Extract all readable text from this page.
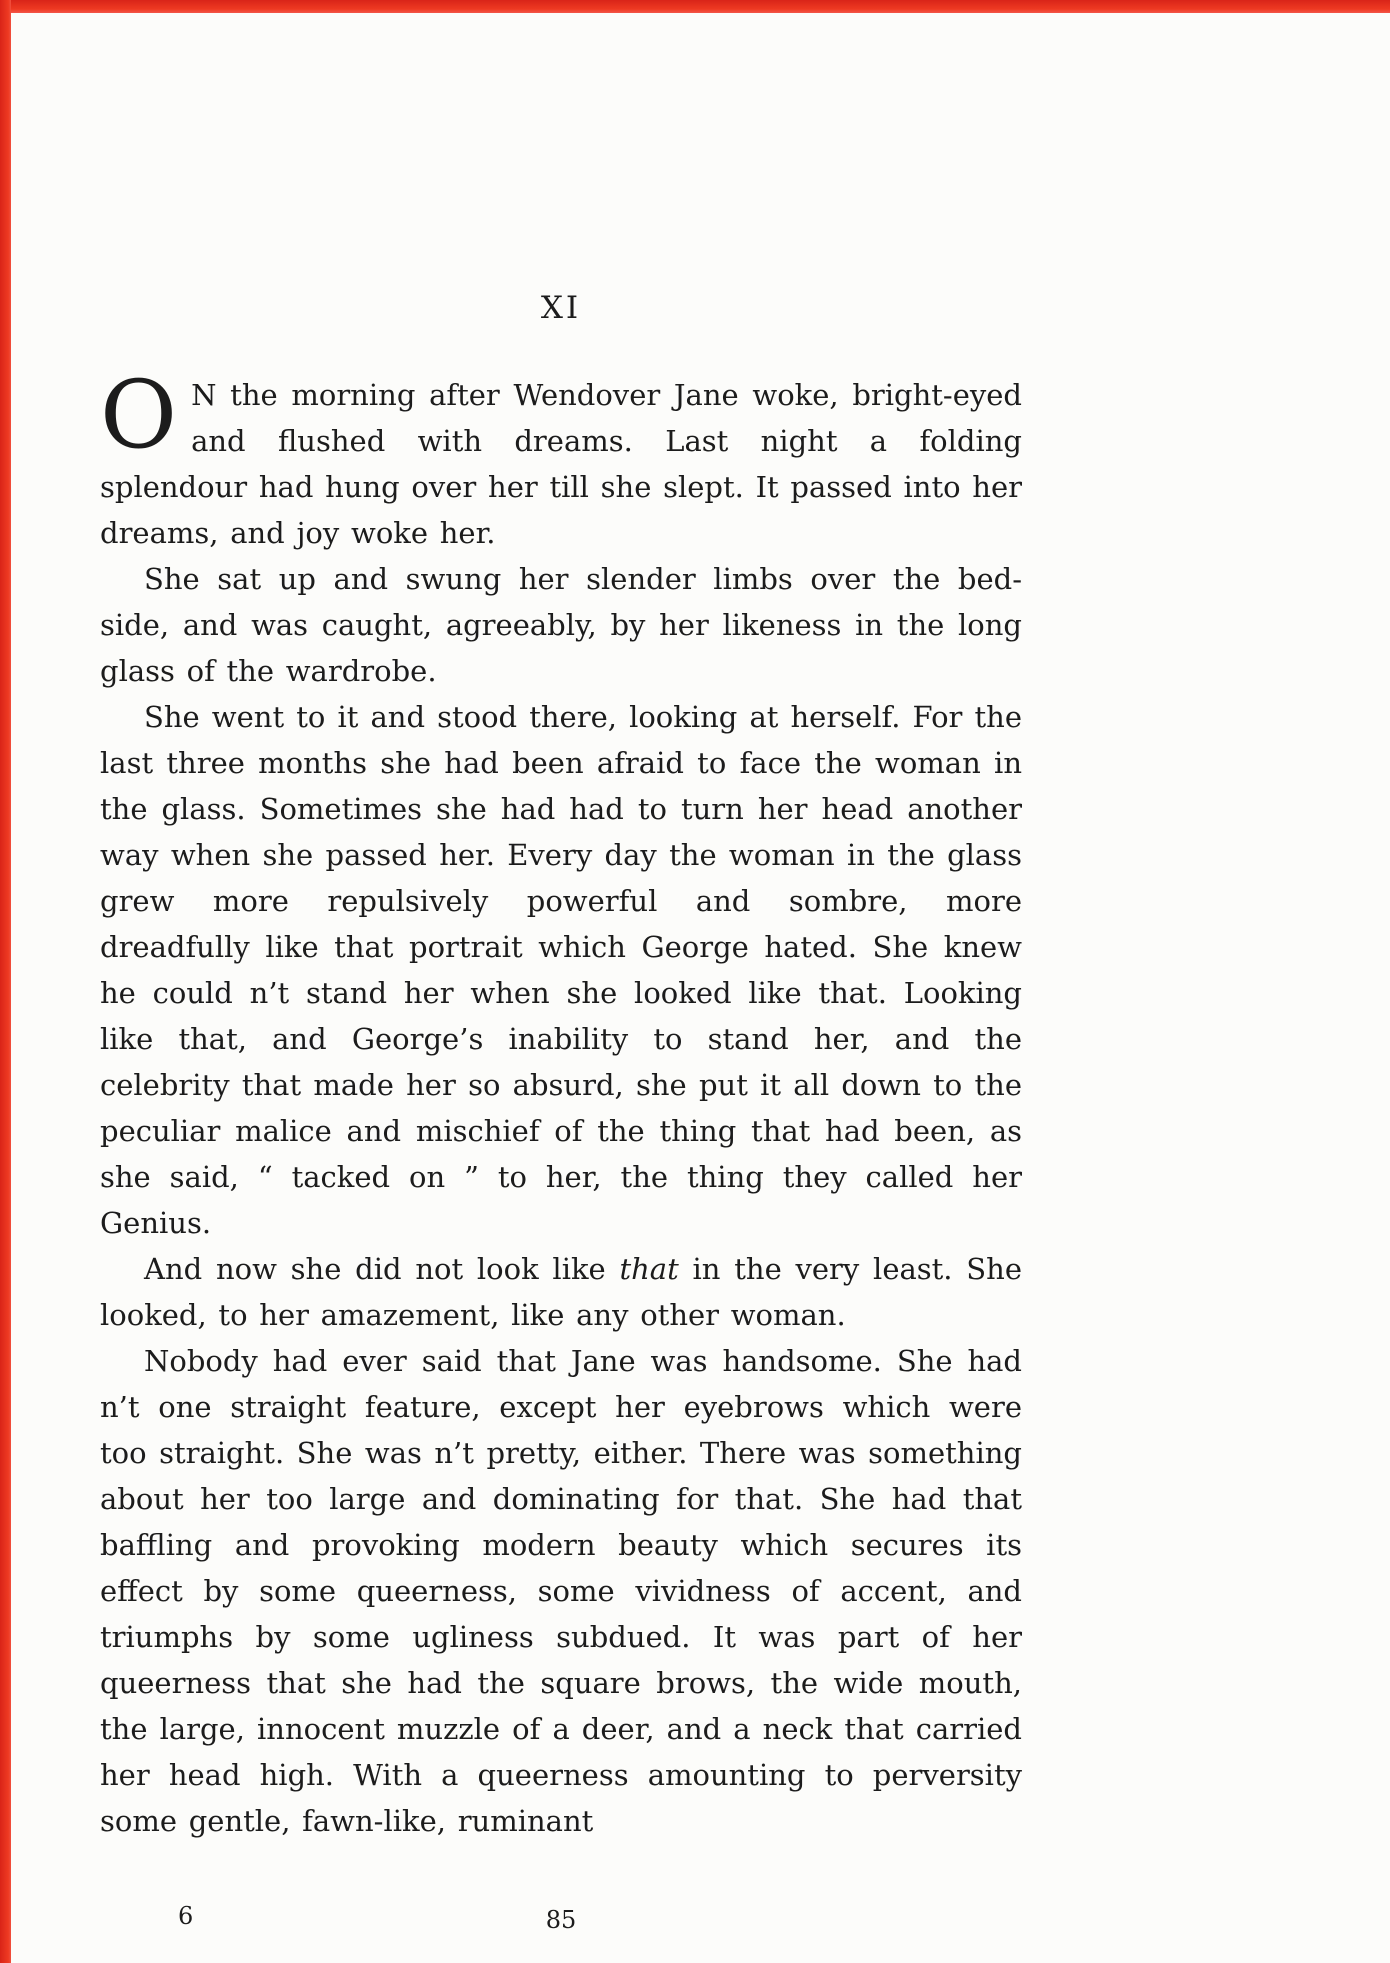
XI

O N the morning after Wendover Jane woke, bright-eyed and flushed with dreams. Last night a folding splendour had hung over her till she slept. It passed into her dreams, and joy woke her.

She sat up and swung her slender limbs over the bed-side, and was caught, agreeably, by her likeness in the long glass of the wardrobe.

She went to it and stood there, looking at herself. For the last three months she had been afraid to face the woman in the glass. Sometimes she had had to turn her head another way when she passed her. Every day the woman in the glass grew more repulsively powerful and sombre, more dreadfully like that portrait which George hated. She knew he could n’t stand her when she looked like that. Looking like that, and George’s inability to stand her, and the celebrity that made her so absurd, she put it all down to the peculiar malice and mischief of the thing that had been, as she said, “ tacked on ” to her, the thing they called her Genius.

And now she did not look like that in the very least. She looked, to her amazement, like any other woman.

Nobody had ever said that Jane was handsome. She had n’t one straight feature, except her eyebrows which were too straight. She was n’t pretty, either. There was something about her too large and dominating for that. She had that baffling and provoking modern beauty which secures its effect by some queerness, some vividness of accent, and triumphs by some ugliness subdued. It was part of her queerness that she had the square brows, the wide mouth, the large, innocent muzzle of a deer, and a neck that carried her head high. With a queerness amounting to perversity some gentle, fawn-like, ruminant

6	85
